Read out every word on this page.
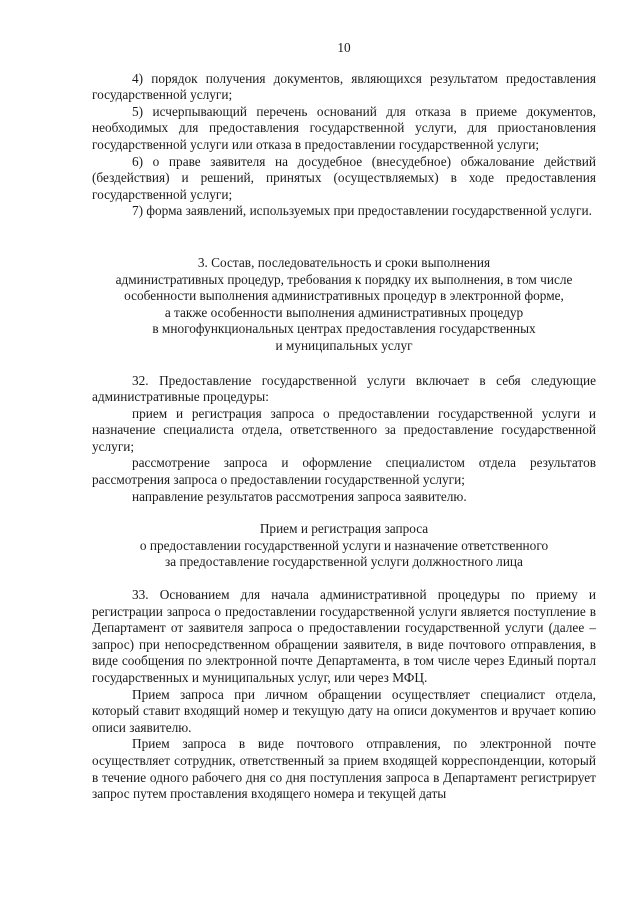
10

4) порядок получения документов, являющихся результатом предоставления государственной услуги;

5) исчерпывающий перечень оснований для отказа в приеме документов, необходимых для предоставления государственной услуги, для приостановления государственной услуги или отказа в предоставлении государственной услуги;

6) о праве заявителя на досудебное (внесудебное) обжалование действий (бездействия) и решений, принятых (осуществляемых) в ходе предоставления государственной услуги;

7) форма заявлений, используемых при предоставлении государственной услуги.

3. Состав, последовательность и сроки выполнения

административных процедур, требования к порядку их выполнения, в том числе

особенности выполнения административных процедур в электронной форме,

а также особенности выполнения административных процедур

в многофункциональных центрах предоставления государственных

и муниципальных услуг

32. Предоставление государственной услуги включает в себя следующие административные процедуры:

прием и регистрация запроса о предоставлении государственной услуги и назначение специалиста отдела, ответственного за предоставление государственной услуги;

рассмотрение запроса и оформление специалистом отдела результатов рассмотрения запроса о предоставлении государственной услуги;

направление результатов рассмотрения запроса заявителю.

Прием и регистрация запроса

о предоставлении государственной услуги и назначение ответственного

за предоставление государственной услуги должностного лица

33. Основанием для начала административной процедуры по приему и регистрации запроса о предоставлении государственной услуги является поступление в Департамент от заявителя запроса о предоставлении государственной услуги (далее – запрос) при непосредственном обращении заявителя, в виде почтового отправления, в виде сообщения по электронной почте Департамента, в том числе через Единый портал государственных и муниципальных услуг, или через МФЦ.

Прием запроса при личном обращении осуществляет специалист отдела, который ставит входящий номер и текущую дату на описи документов и вручает копию описи заявителю.

Прием запроса в виде почтового отправления, по электронной почте осуществляет сотрудник, ответственный за прием входящей корреспонденции, который в течение одного рабочего дня со дня поступления запроса в Департамент регистрирует запрос путем проставления входящего номера и текущей даты
